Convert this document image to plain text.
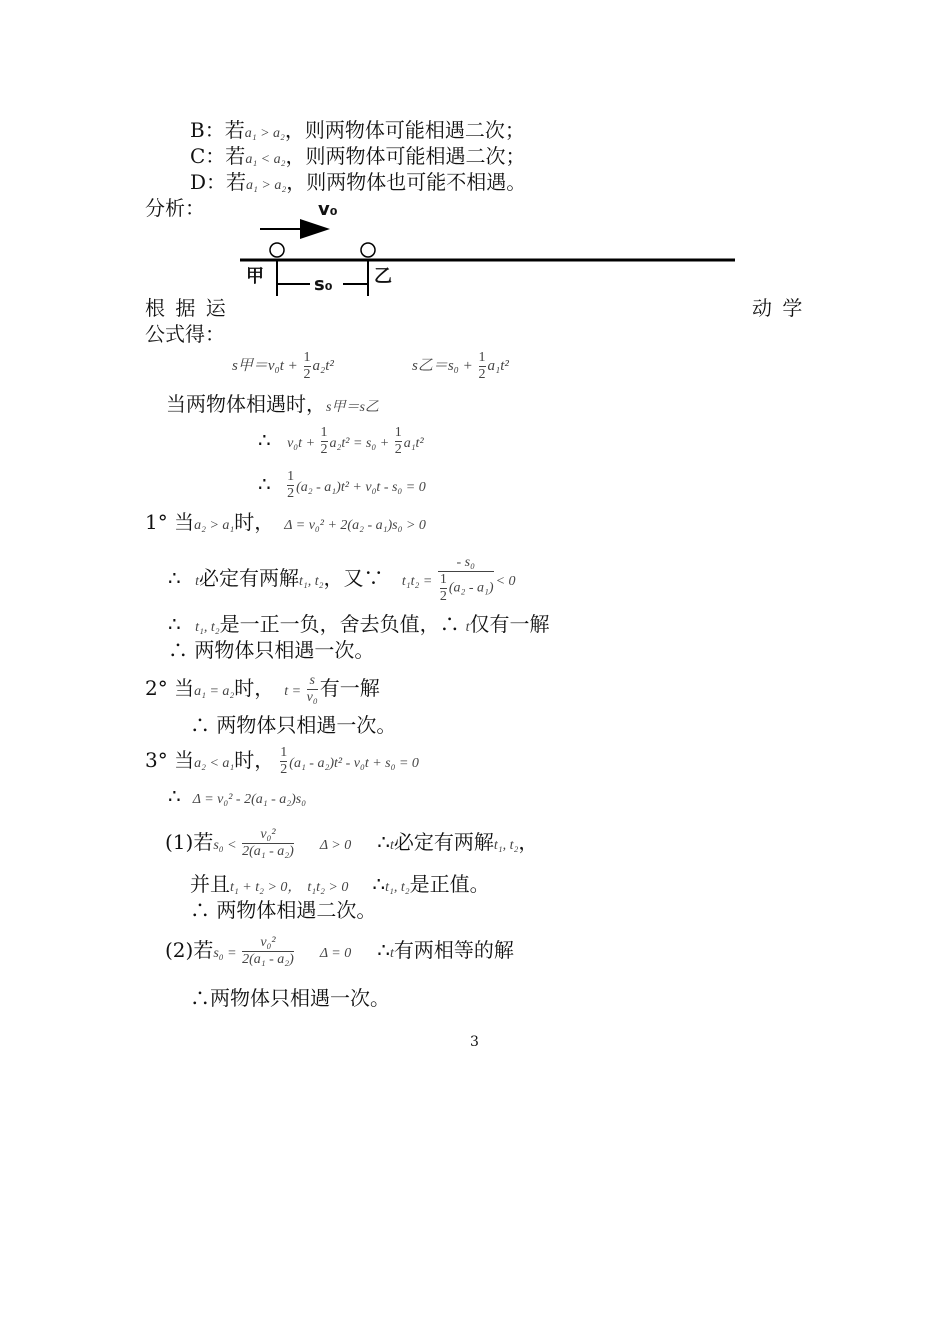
B：若a₁ > a₂，则两物体可能相遇二次；
C：若a₁ < a₂，则两物体可能相遇二次；
D：若a₁ > a₂，则两物体也可能不相遇。
分析：	v₀
甲	乙
s₀
根 据 运	动 学
公式得：
s甲$=v_0t + \frac{1}{2} a_2t^2$	s乙$=s_0 + \frac{1}{2} a_1t^2$
当两物体相遇时，s甲＝s乙
∴ $v_0t + \frac{1}{2} a_2t^2 = s_0 + \frac{1}{2} a_1t^2$
∴ $\frac{1}{2} (a_2 - a_1)t^2 + v_0t - s_0 = 0$
1° 当a₂ > a₁时， Δ = v₀² + 2(a₂ - a₁)s₀ > 0
∴ t必定有两解t₁, t₂，又∵ $t_1t_2 = \frac{\text{- s₀}}{\frac{1}{2} (a_2 - a_1)} < 0$
∴ t₁, t₂是一正一负，舍去负值，∴ t仅有一解
∴ 两物体只相遇一次。
2° 当a₁ = a₂时， $t = \frac{s}{\text{v₀}}$ 有一解
∴ 两物体只相遇一次。
3° 当a₂ < a₁时， $\frac{1}{2} (a_1 - a_2)t^2 - v_0t + s_0 = 0$
∴ Δ = v₀² - 2(a₁ - a₂)s₀
(1)若$s_0 < \frac{\text{v₀²}}{\text{2(a₁ - a₂)}}$ Δ > 0 ∴t必定有两解t₁, t₂，
并且t₁ + t₂ > 0， t₁t₂ > 0 ∴t₁, t₂是正值。
∴ 两物体相遇二次。
(2)若$s_0 = \frac{\text{v₀²}}{\text{2(a₁ - a₂)}}$ Δ = 0 ∴t有两相等的解
∴两物体只相遇一次。
3
